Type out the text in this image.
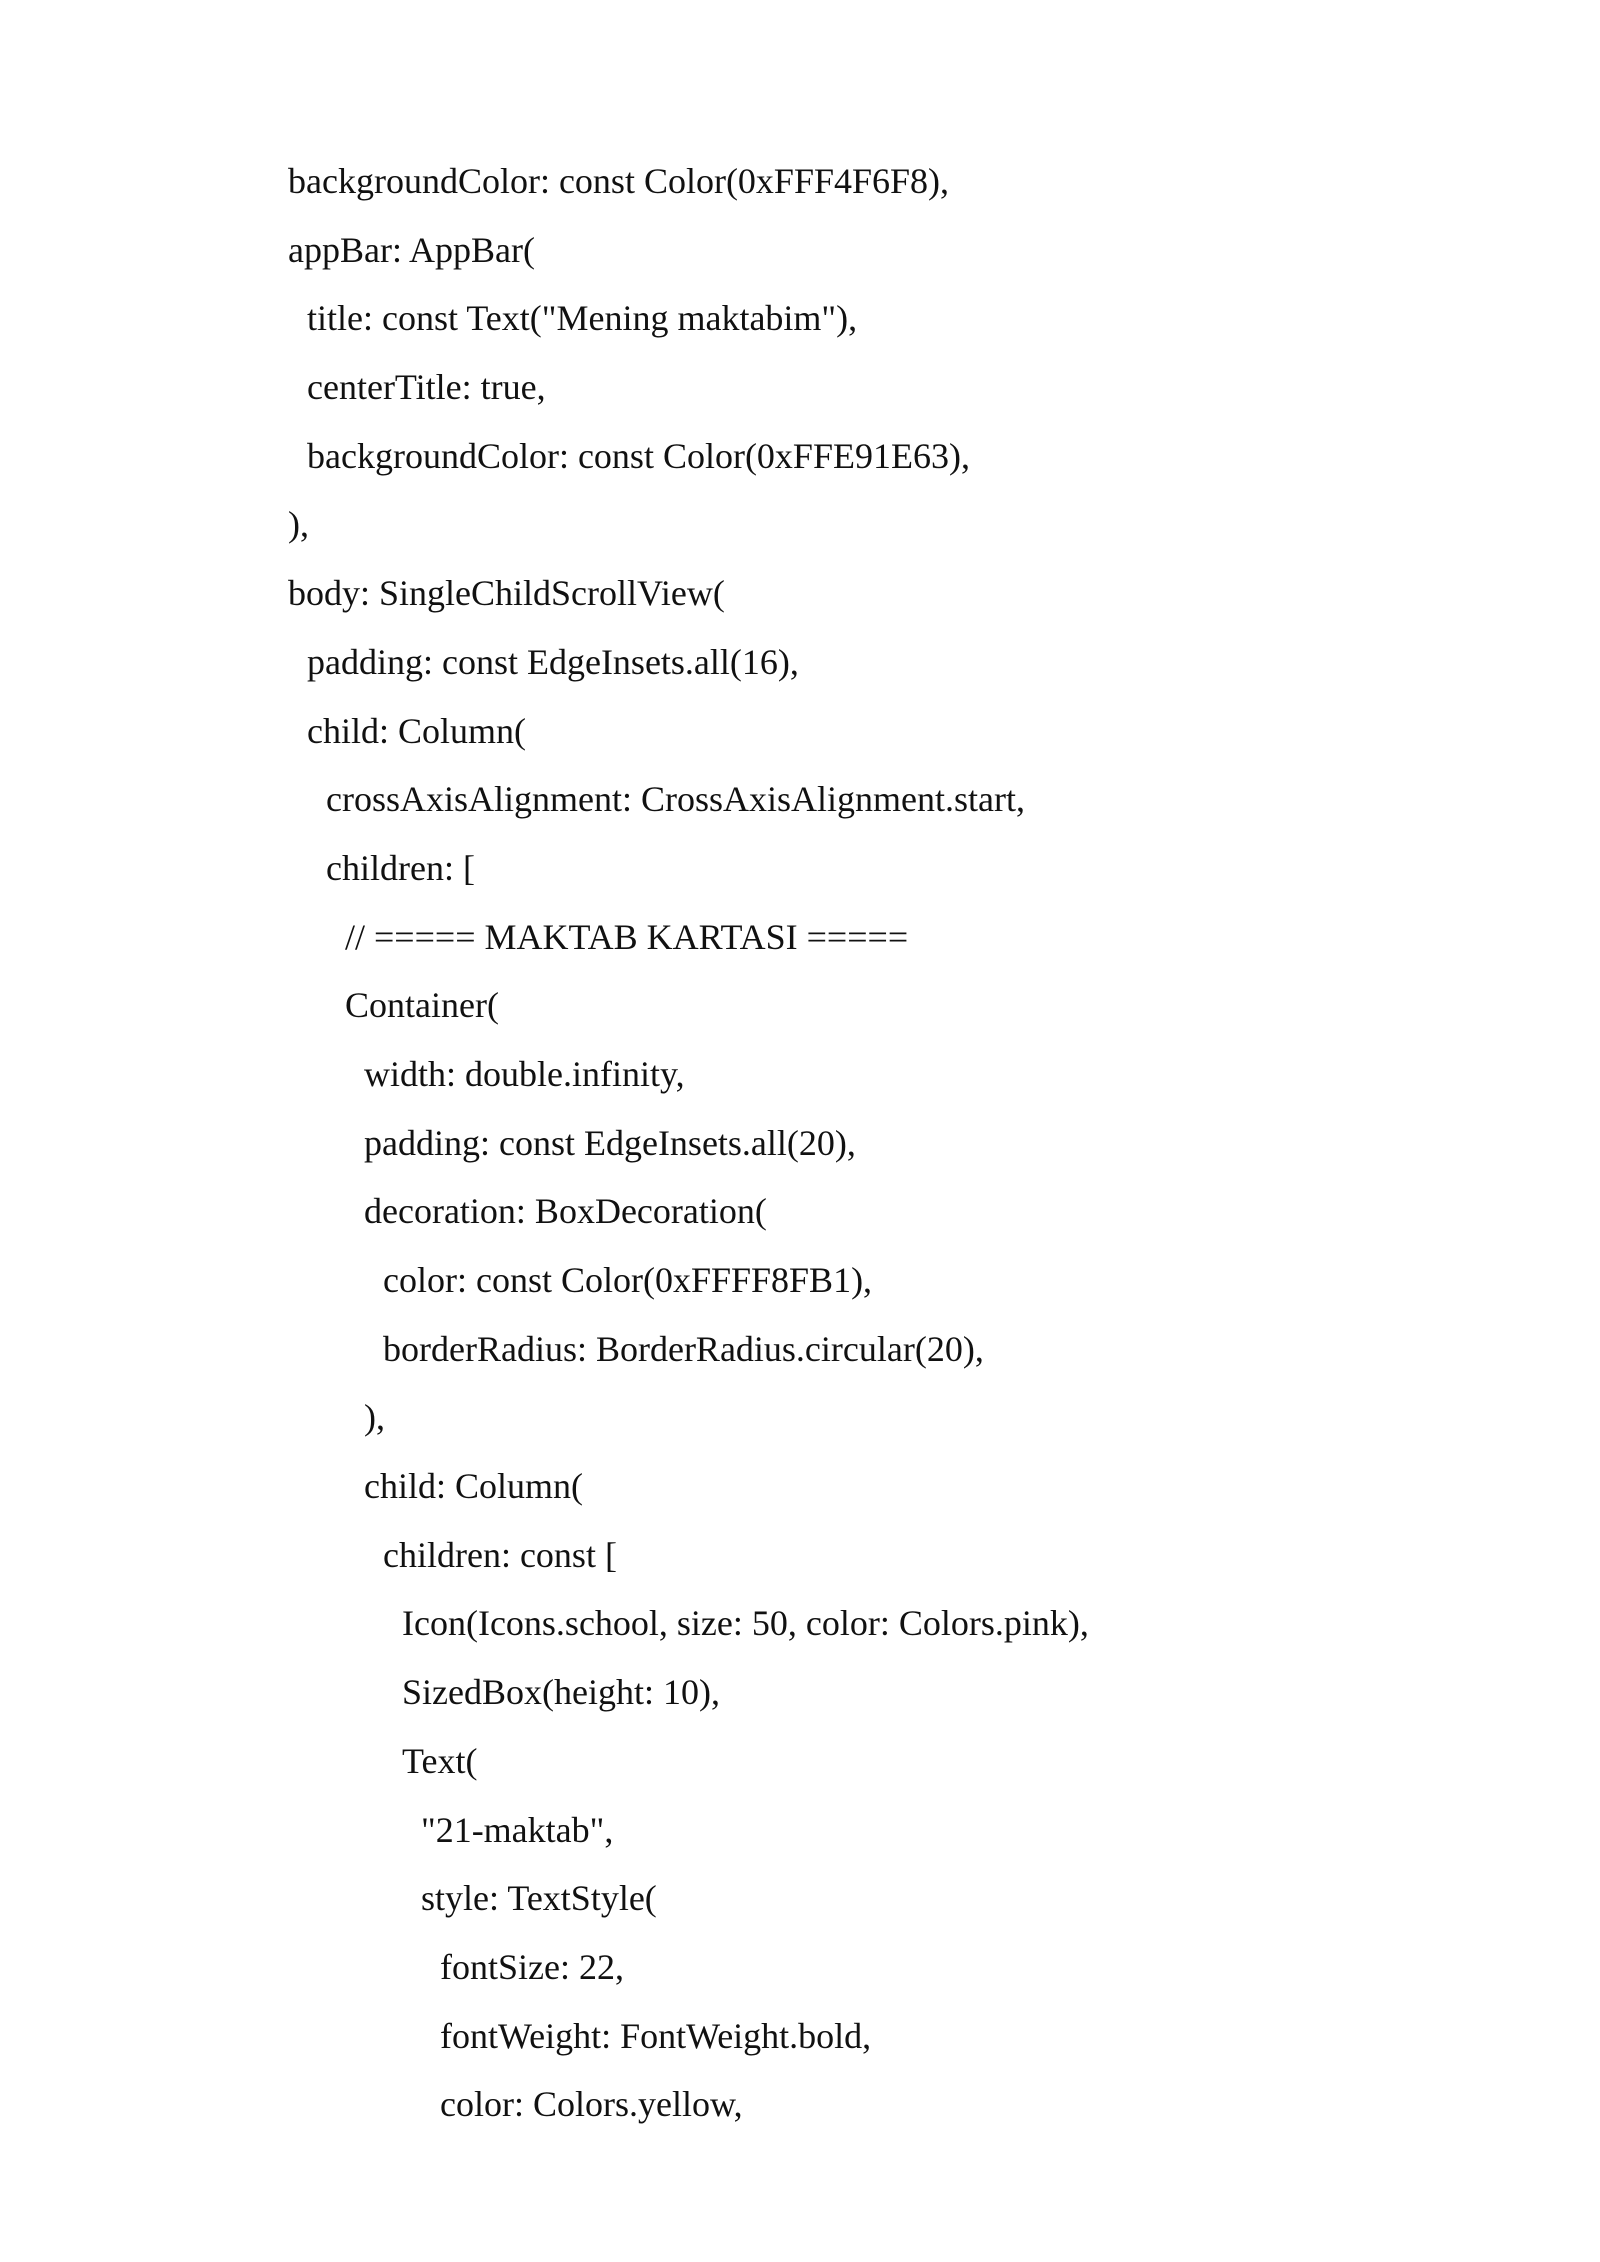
backgroundColor: const Color(0xFFF4F6F8),
appBar: AppBar(
title: const Text("Mening maktabim"),
centerTitle: true,
backgroundColor: const Color(0xFFE91E63),
),
body: SingleChildScrollView(
padding: const EdgeInsets.all(16),
child: Column(
crossAxisAlignment: CrossAxisAlignment.start,
children: [
// ===== MAKTAB KARTASI =====
Container(
width: double.infinity,
padding: const EdgeInsets.all(20),
decoration: BoxDecoration(
color: const Color(0xFFFF8FB1),
borderRadius: BorderRadius.circular(20),
),
child: Column(
children: const [
Icon(Icons.school, size: 50, color: Colors.pink),
SizedBox(height: 10),
Text(
"21-maktab",
style: TextStyle(
fontSize: 22,
fontWeight: FontWeight.bold,
color: Colors.yellow,
